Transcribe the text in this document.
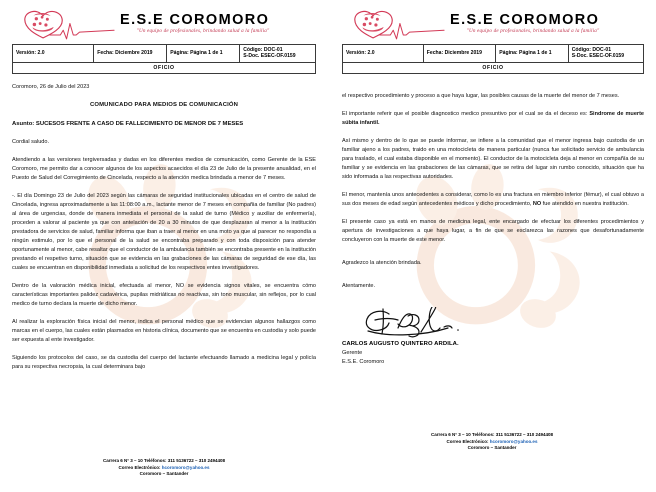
E.S.E COROMORO
"Un equipo de profesionales, brindando salud a la familia"
Versión: 2.0	Fecha: Diciembre 2019	Página: Página 1 de 1	Código: DOC-01
S-Doc. ESEC-OF.0159
OFICIO

Coromoro, 26 de Julio del 2023

COMUNICADO PARA MEDIOS DE COMUNICACIÓN

Asunto: SUCESOS FRENTE A CASO DE FALLECIMIENTO DE MENOR DE 7 MESES

Cordial saludo.

Atendiendo a las versiones tergiversadas y dadas en los diferentes medios de comunicación, como Gerente de la ESE Coromoro, me permito dar a conocer algunos de los aspectos acaecidos el día 23 de Julio de la presente anualidad, en el Puesto de Salud del Corregimiento de Cincelada, respecto a la atención medica brindada a menor de 7 meses.

-. El día Domingo 23 de Julio del 2023 según las cámaras de seguridad institucionales ubicadas en el centro de salud de Cincelada, ingresa aproximadamente a las 11:08:00 a.m., lactante menor de 7 meses en compañia de familiar (No padres) al área de urgencias, donde de manera inmediata el personal de la salud de turno (Médico y auxiliar de enfermería), proceden a valorar al paciente ya que con antelación de 20 a 30 minutos de que desplazaran al menor a la institución prestadora de servicios de salud, familiar informa que iban a traer al menor en una moto ya que al parecer no respondía a ningún estimulo, por lo que el personal de la salud se encontraba preparado y con toda disposición para atender oportunamente al menor, cabe resaltar que el conductor de la ambulancia también se encontraba presente en la institución prestando el respetivo turno, situación que se evidencia en las grabaciones de las cámaras de seguridad de ese día, las cuales se encuentran en disponibilidad inmediata a solicitud de los respectivos entes investigadores.

Dentro de la valoración médica inicial, efectuada al menor, NO se evidencia signos vitales, se encuentra cómo características importantes palidez cadavérica, pupilas midriáticas no reactivas, sin tono muscular, sin reflejos, por lo cual medico de turno declara la muerte de dicho menor.

Al realizar la exploración física inicial del menor, indica el personal médico que se evidencian algunos hallazgos como marcas en el cuerpo, las cuales están plasmados en historia clínica, documento que se encuentra en custodia y solo puede ser expuesta al ente investigador.

Siguiendo los protocolos del caso, se da custodia del cuerpo del lactante efectuando llamado a medicina legal y policía para su respectiva necropsia, la cual determinara bajo

Carrera 6 N° 3 – 10 Teléfonos: 311 5136722 – 310 2494408
Correo Electrónico: hcoromoro@yahoo.es
Coromoro – Santander
E.S.E COROMORO
"Un equipo de profesionales, brindando salud a la familia"
Versión: 2.0	Fecha: Diciembre 2019	Página: Página 1 de 1	Código: DOC-01
S-Doc. ESEC-OF.0159
OFICIO

el respectivo procedimiento y proceso a que haya lugar, las posibles causas de la muerte del menor de 7 meses.

El importante referir que el posible diagnostico medico presuntivo por el cual se da el deceso es: Sindrome de muerte súbita infantil.

Así mismo y dentro de lo que se puede informar, se infiere a la comunidad que el menor ingresa bajo custodia de un familiar ajeno a los padres, traido en una motocicleta de manera particular (nunca fue solicitado servicio de ambulancia para traslado, el cual estaba disponible en el momento). El conductor de la motocicleta deja al menor en compañía de su familiar y se evidencia en las grabaciones de las cámaras, que se retira del lugar sin rumbo conocido, situación que ha sido informada a las respectivas autoridades.

El menor, mantenía unos antecedentes a considerar, como lo es una fractura en miembro inferior (fémur), el cual obtuvo a sus dos meses de edad según antecedentes médicos y dicho procedimiento, NO fue atendido en nuestra institución.

El presente caso ya está en manos de medicina legal, ente encargado de efectuar los diferentes procedimientos y apertura de investigaciones a que haya lugar, a fin de que se esclarezca las razones que desafortunadamente concluyeron con la muerte de este menor.

Agradezco la atención brindada.

Atentamente.

CARLOS AUGUSTO QUINTERO ARDILA.
Gerente
E.S.E. Coromoro
Carrera 6 N° 3 – 10 Teléfonos: 311 5136722 – 310 2494408
Correo Electrónico: hcoromoro@yahoo.es
Coromoro – Santander
